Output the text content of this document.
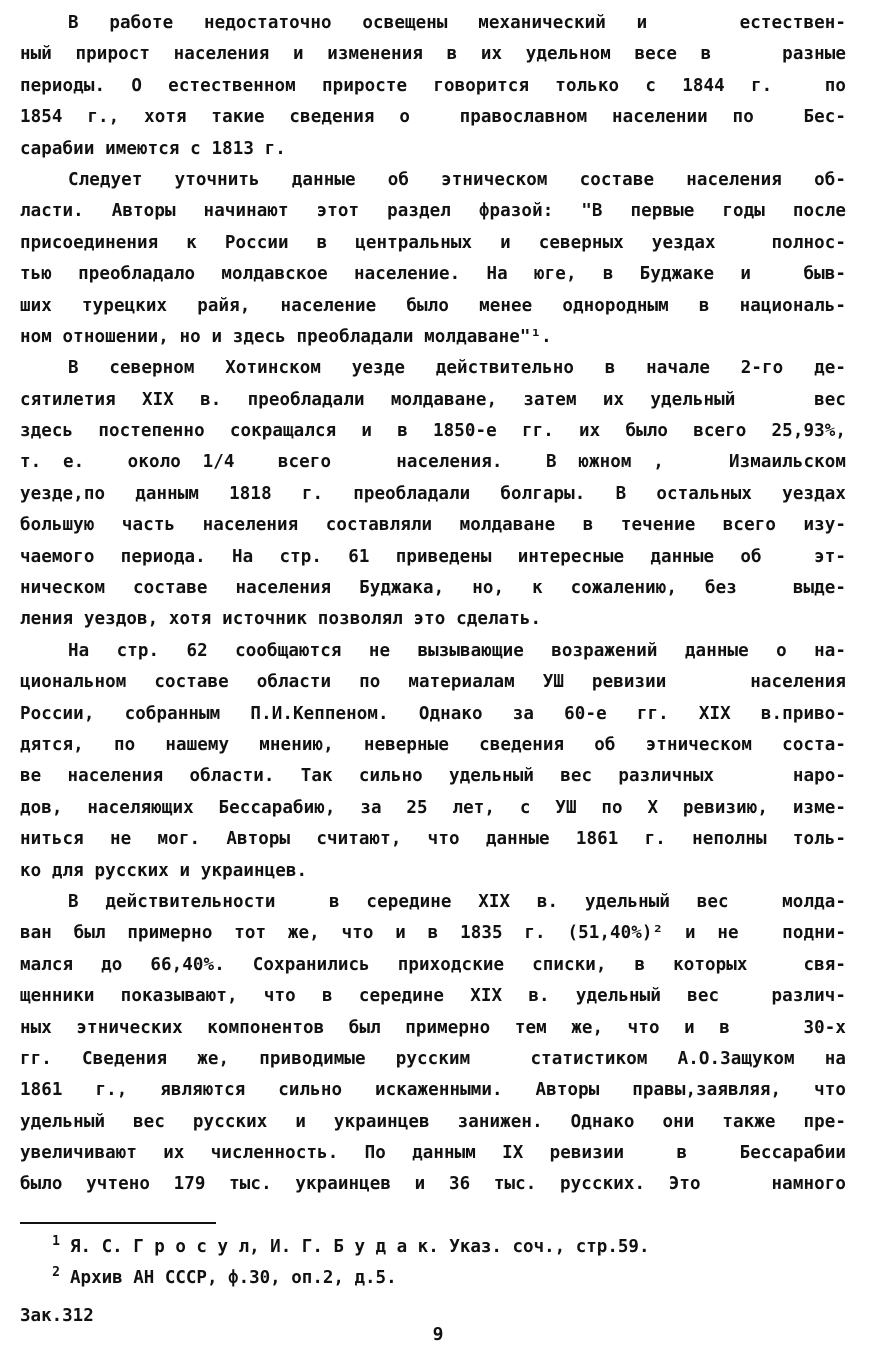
В работе недостаточно освещены механический и   естествен-
ный прирост населения и изменения в их удельном весе в   разные
периоды. О естественном приросте говорится только с 1844 г.  по
1854 г., хотя такие сведения о  православном населении по  Бес-
сарабии имеются с 1813 г.
Следует уточнить данные об этническом составе населения об-
ласти. Авторы начинают этот раздел фразой: "В первые годы после
присоединения к России в центральных и северных уездах  полнос-
тью преобладало молдавское население. На юге, в Буджаке и  быв-
ших турецких райя, население было менее однородным в националь-
ном отношении, но и здесь преобладали молдаване"¹.
В северном Хотинском уезде действительно в начале 2-го де-
сятилетия XIX в. преобладали молдаване, затем их удельный   вес
здесь постепенно сокращался и в 1850-е гг. их было всего 25,93%,
т. е.  около 1/4  всего   населения.  В южном ,   Измаильском
уезде,по данным 1818 г. преобладали болгары. В остальных уездах
большую часть населения составляли молдаване в течение всего изу-
чаемого периода. На стр. 61 приведены интересные данные об  эт-
ническом составе населения Буджака, но, к сожалению, без  выде-
ления уездов, хотя источник позволял это сделать.
На стр. 62 сообщаются не вызывающие возражений данные о на-
циональном составе области по материалам УШ ревизии   населения
России, собранным П.И.Кеппеном. Однако за 60-е гг. XIX в.приво-
дятся, по нашему мнению, неверные сведения об этническом соста-
ве населения области. Так сильно удельный вес различных   наро-
дов, населяющих Бессарабию, за 25 лет, с УШ по X ревизию, изме-
ниться не мог. Авторы считают, что данные 1861 г. неполны толь-
ко для русских и украинцев.
В действительности  в середине XIX в. удельный вес  молда-
ван был примерно тот же, что и в 1835 г. (51,40%)² и не  подни-
мался до 66,40%. Сохранились приходские списки, в которых  свя-
щенники показывают, что в середине XIX в. удельный вес  различ-
ных этнических компонентов был примерно тем же, что и в   30-х
гг. Сведения же, приводимые русским  статистиком А.О.Защуком на
1861 г., являются сильно искаженными. Авторы правы,заявляя, что
удельный вес русских и украинцев занижен. Однако они также пре-
увеличивают их численность. По данным IX ревизии  в  Бессарабии
было учтено 179 тыс. украинцев и 36 тыс. русских. Это   намного
1 Я. С. Г р о с у л, И. Г. Б у д а к. Указ. соч., стр.59.
2 Архив АН СССР, ф.30, оп.2, д.5.
Зак.312
9
